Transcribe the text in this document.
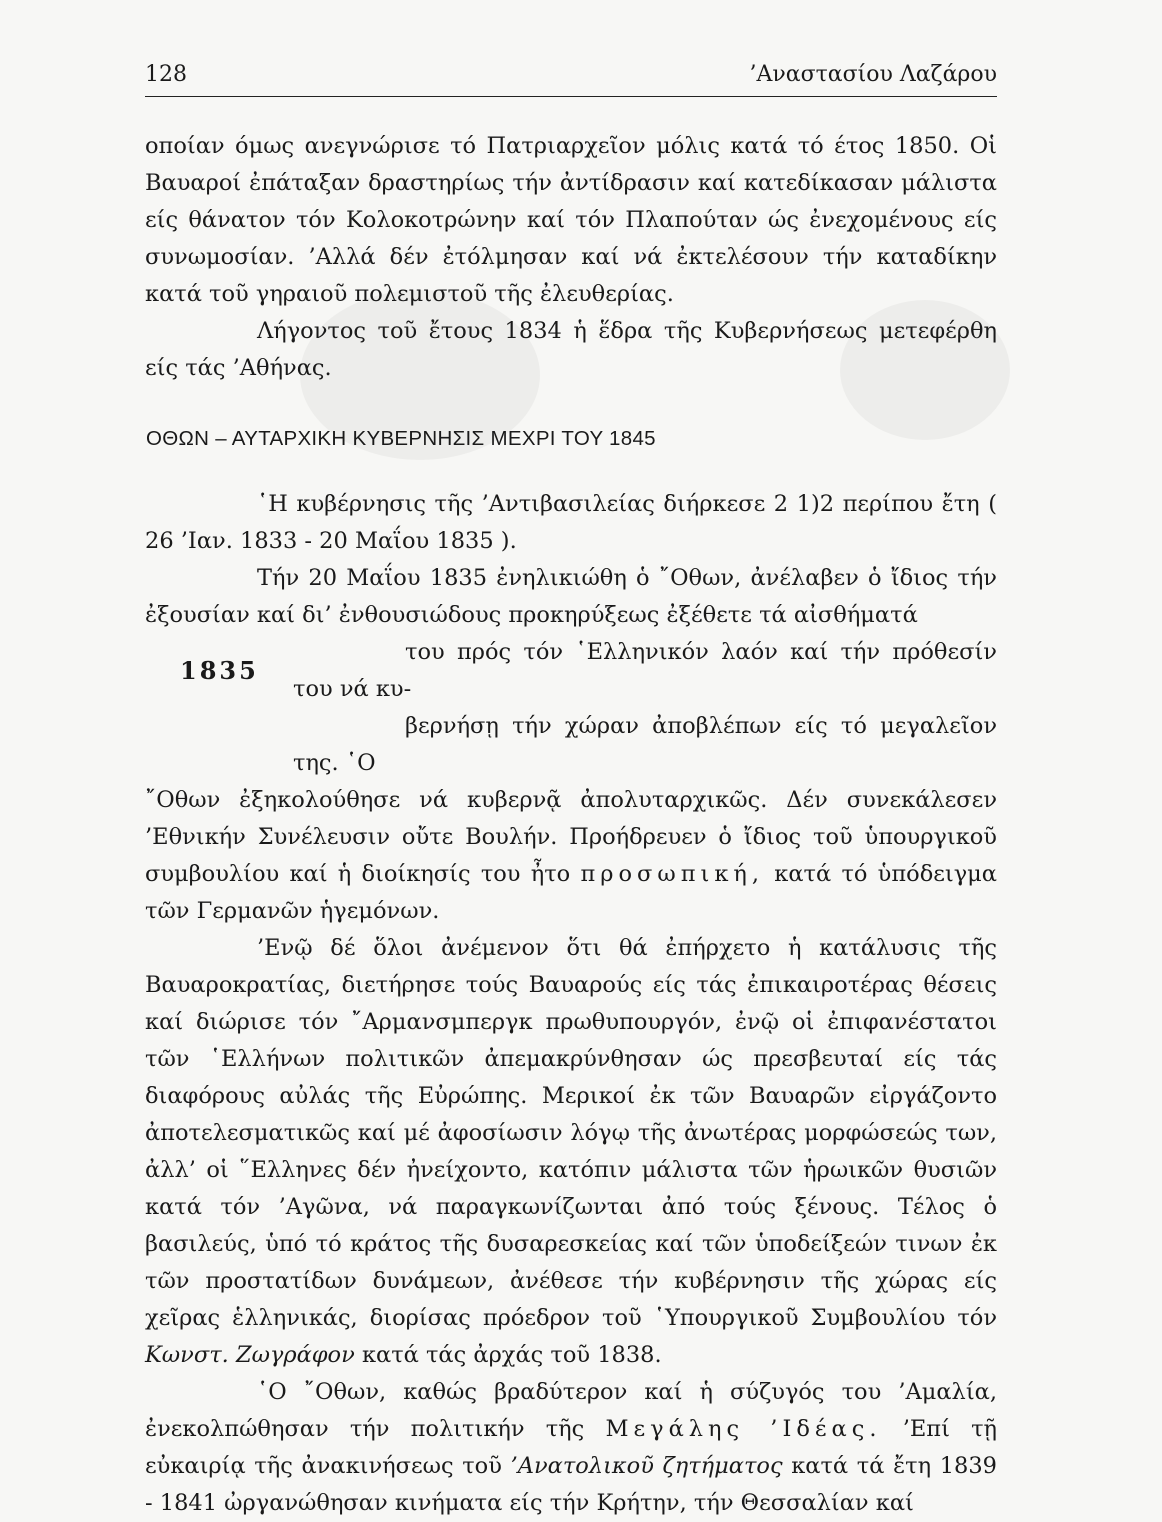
128	’Αναστασίου Λαζάρου

οποίαν όμως ανεγνώρισε τό Πατριαρχεῖον μόλις κατά τό έτος 1850. Οἱ Βαυαροί ἐπάταξαν δραστηρίως τήν ἀντίδρασιν καί κατεδίκασαν μάλιστα είς θάνατον τόν Κολοκοτρώνην καί τόν Πλαπούταν ώς ἐνεχομένους είς συνωμοσίαν. ’Αλλά δέν ἐτόλμησαν καί νά ἐκτελέσουν τήν καταδίκην κατά τοῦ γηραιοῦ πολεμιστοῦ τῆς ἐλευθερίας.

Λήγοντος τοῦ ἔτους 1834 ἡ ἕδρα τῆς Κυβερνήσεως μετεφέρθη είς τάς ’Αθήνας.

ΟΘΩΝ – ΑΥΤΑΡΧΙΚΗ ΚΥΒΕΡΝΗΣΙΣ ΜΕΧΡΙ ΤΟΥ 1845
1835

῾Η κυβέρνησις τῆς ’Αντιβασιλείας διήρκεσε 2 1)2 περίπου ἔτη ( 26 ’Ιαν. 1833 - 20 Μαΐου 1835 ).

Τήν 20 Μαΐου 1835 ἐνηλικιώθη ὁ ῎Οθων, ἀνέλαβεν ὁ ἴδιος τήν ἐξουσίαν καί δι’ ἐνθουσιώδους προκηρύξεως ἐξέθετε τά αἰσθήματά
του πρός τόν ῾Ελληνικόν λαόν καί τήν πρόθεσίν του νά κυ-
βερνήσῃ τήν χώραν ἀποβλέπων είς τό μεγαλεῖον της. ῾Ο
῎Οθων ἐξηκολούθησε νά κυβερνᾷ ἀπολυταρχικῶς. Δέν συνεκάλεσεν ’Εθνικήν Συνέλευσιν οὔτε Βουλήν. Προήδρευεν ὁ ἴδιος τοῦ ὑπουργικοῦ συμβουλίου καί ἡ διοίκησίς του ἦτο προσωπική, κατά τό ὑπόδειγμα τῶν Γερμανῶν ἡγεμόνων.

’Ενῷ δέ ὅλοι ἀνέμενον ὅτι θά ἐπήρχετο ἡ κατάλυσις τῆς Βαυαροκρατίας, διετήρησε τούς Βαυαρούς είς τάς ἐπικαιροτέρας θέσεις καί διώρισε τόν ῎Αρμανσμπεργκ πρωθυπουργόν, ἐνῷ οἱ ἐπιφανέστατοι τῶν ῾Ελλήνων πολιτικῶν ἀπεμακρύνθησαν ώς πρεσβευταί είς τάς διαφόρους αὐλάς τῆς Εὐρώπης. Μερικοί ἐκ τῶν Βαυαρῶν εἰργάζοντο ἀποτελεσματικῶς καί μέ ἀφοσίωσιν λόγῳ τῆς ἀνωτέρας μορφώσεώς των, ἀλλ’ οἱ ῞Ελληνες δέν ἠνείχοντο, κατόπιν μάλιστα τῶν ἡρωικῶν θυσιῶν κατά τόν ’Αγῶνα, νά παραγκωνίζωνται ἀπό τούς ξένους. Τέλος ὁ βασιλεύς, ὑπό τό κράτος τῆς δυσαρεσκείας καί τῶν ὑποδείξεών τινων ἐκ τῶν προστατίδων δυνάμεων, ἀνέθεσε τήν κυβέρνησιν τῆς χώρας είς χεῖρας ἑλληνικάς, διορίσας πρόεδρον τοῦ ῾Υπουργικοῦ Συμβουλίου τόν Κωνστ. Ζωγράφον κατά τάς ἀρχάς τοῦ 1838.

῾Ο ῎Οθων, καθώς βραδύτερον καί ἡ σύζυγός του ’Αμαλία, ἐνεκολπώθησαν τήν πολιτικήν τῆς Μεγάλης ’Ιδέας. ’Επί τῇ εὐκαιρίᾳ τῆς ἀνακινήσεως τοῦ ’Ανατολικοῦ ζητήματος κατά τά ἔτη 1839 - 1841 ὠργανώθησαν κινήματα είς τήν Κρήτην, τήν Θεσσαλίαν καί
